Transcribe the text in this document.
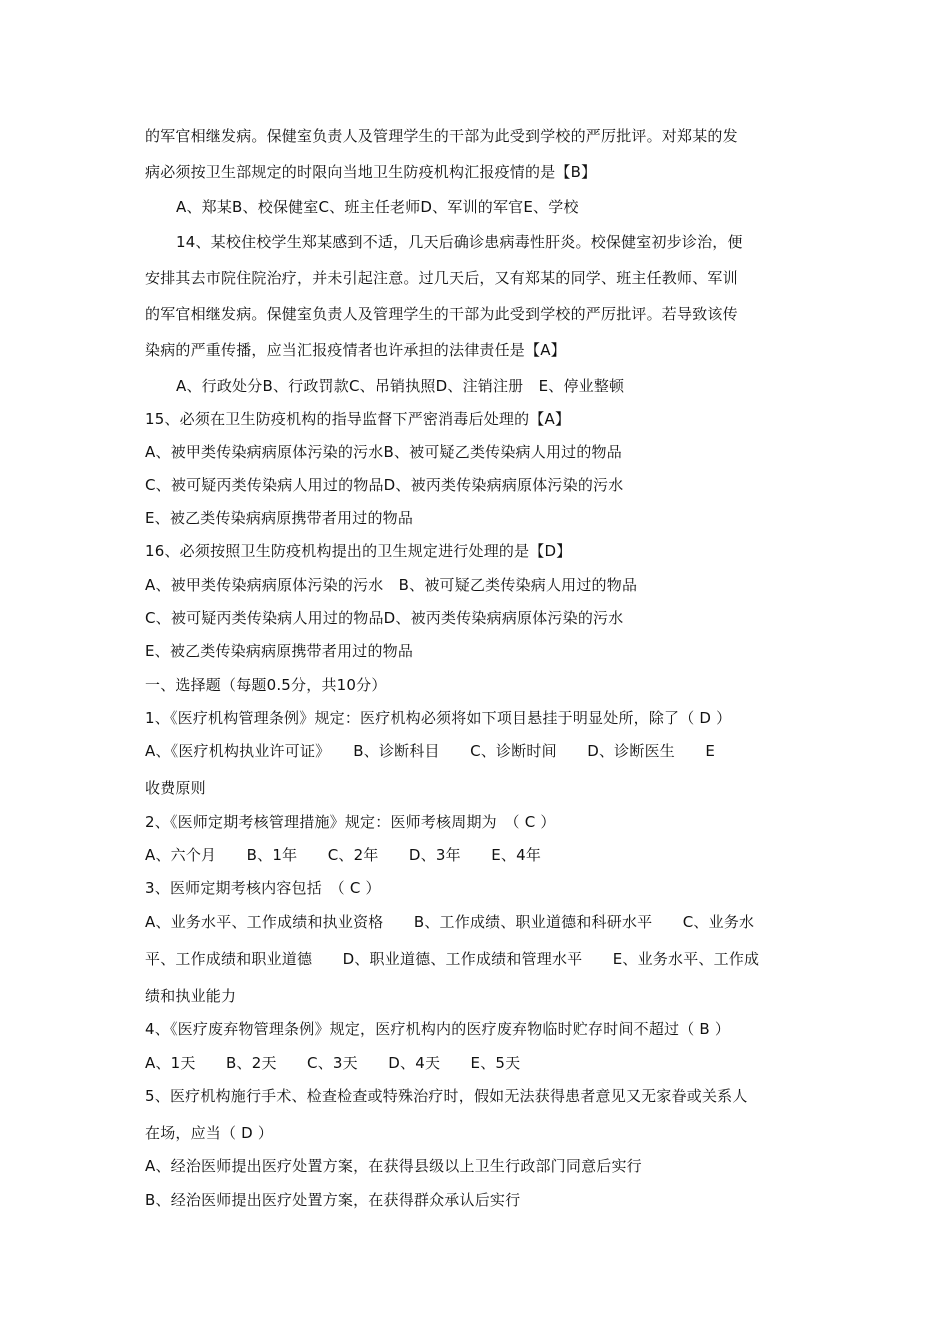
的军官相继发病。保健室负责人及管理学生的干部为此受到学校的严厉批评。对郑某的发
病必须按卫生部规定的时限向当地卫生防疫机构汇报疫情的是【B】
A、郑某B、校保健室C、班主任老师D、军训的军官E、学校
14、某校住校学生郑某感到不适，几天后确诊患病毒性肝炎。校保健室初步诊治，便
安排其去市院住院治疗，并未引起注意。过几天后，又有郑某的同学、班主任教师、军训
的军官相继发病。保健室负责人及管理学生的干部为此受到学校的严厉批评。若导致该传
染病的严重传播，应当汇报疫情者也许承担的法律责任是【A】
A、行政处分B、行政罚款C、吊销执照D、注销注册　E、停业整顿
15、必须在卫生防疫机构的指导监督下严密消毒后处理的【A】
A、被甲类传染病病原体污染的污水B、被可疑乙类传染病人用过的物品
C、被可疑丙类传染病人用过的物品D、被丙类传染病病原体污染的污水
E、被乙类传染病病原携带者用过的物品
16、必须按照卫生防疫机构提出的卫生规定进行处理的是【D】
A、被甲类传染病病原体污染的污水　B、被可疑乙类传染病人用过的物品
C、被可疑丙类传染病人用过的物品D、被丙类传染病病原体污染的污水
E、被乙类传染病病原携带者用过的物品
一、选择题（每题0.5分，共10分）
1、《医疗机构管理条例》规定：医疗机构必须将如下项目悬挂于明显处所，除了（ D ）
A、《医疗机构执业许可证》　　B、诊断科目　　C、诊断时间　　D、诊断医生　　E
收费原则
2、《医师定期考核管理措施》规定：医师考核周期为　（ C ）
A、六个月　　B、1年　　C、2年　　D、3年　　E、4年
3、医师定期考核内容包括　（ C ）
A、业务水平、工作成绩和执业资格　　B、工作成绩、职业道德和科研水平　　C、业务水
平、工作成绩和职业道德　　D、职业道德、工作成绩和管理水平　　E、业务水平、工作成
绩和执业能力
4、《医疗废弃物管理条例》规定，医疗机构内的医疗废弃物临时贮存时间不超过（ B ）
A、1天　　B、2天　　C、3天　　D、4天　　E、5天
5、医疗机构施行手术、检查检查或特殊治疗时，假如无法获得患者意见又无家眷或关系人
在场，应当（ D ）
A、经治医师提出医疗处置方案，在获得县级以上卫生行政部门同意后实行
B、经治医师提出医疗处置方案，在获得群众承认后实行
